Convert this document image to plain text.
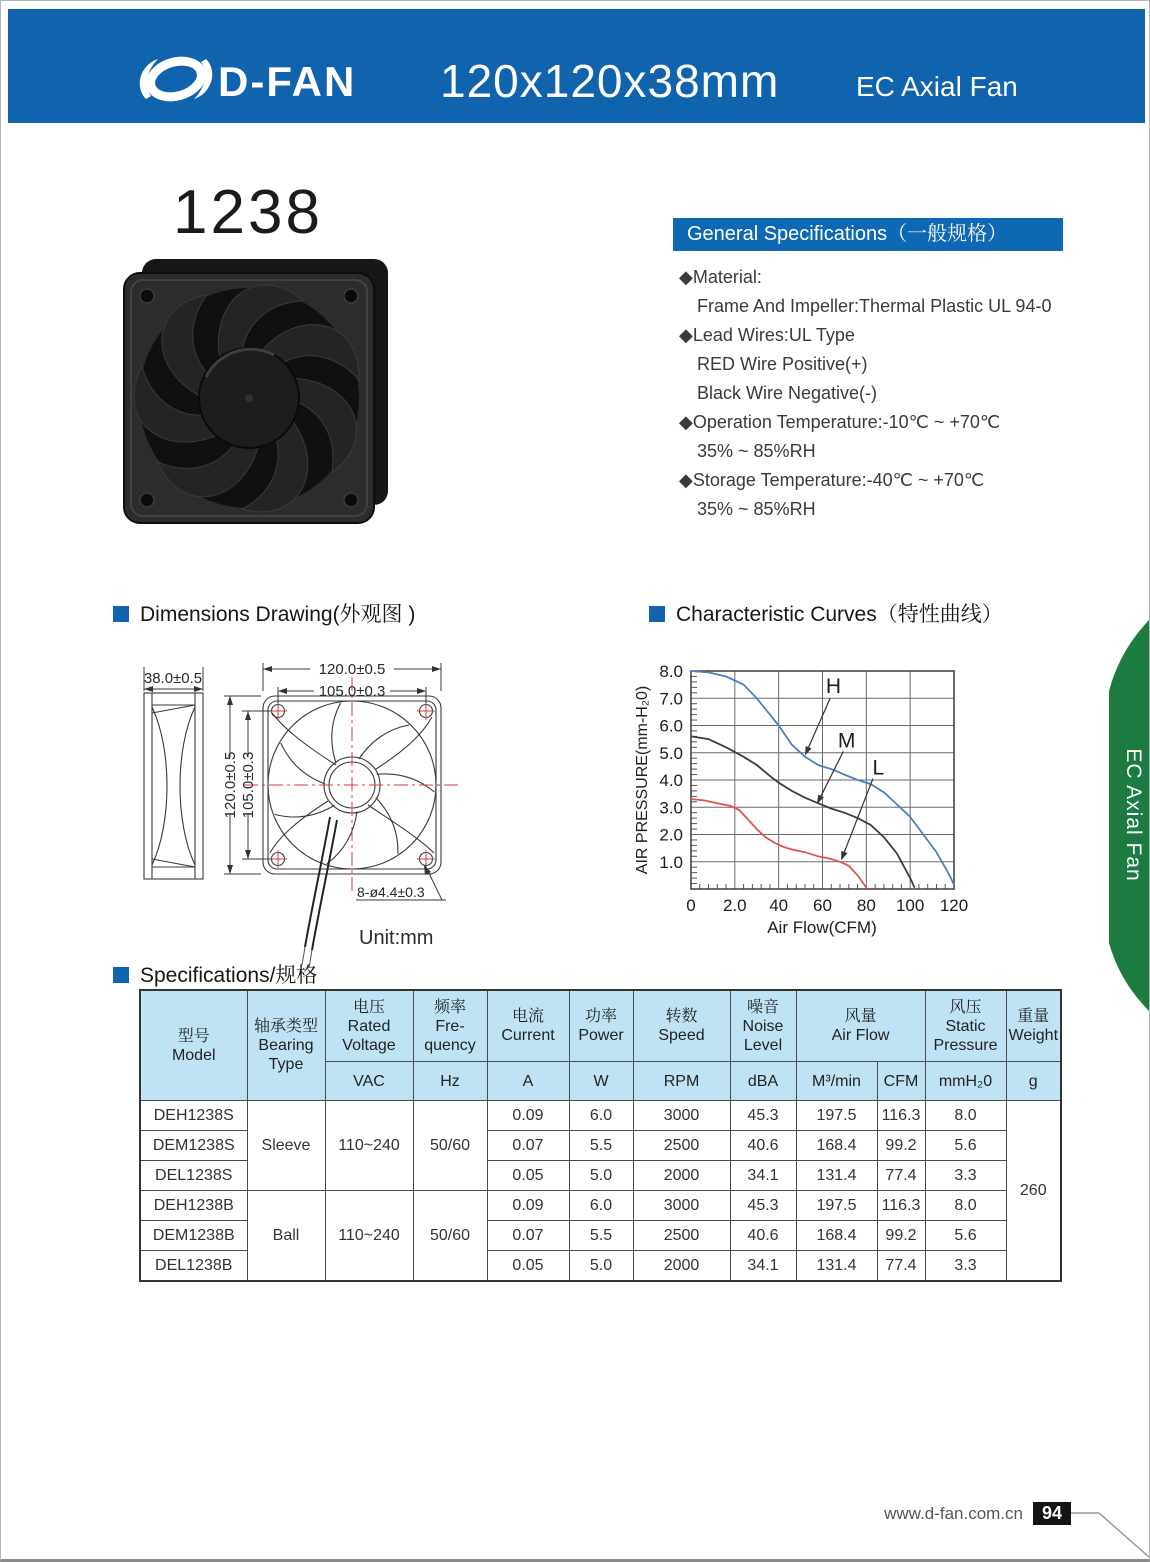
D-FAN 120x120x38mm	EC Axial Fan
1238	General Specifications（一般规格）
◆Material:
Frame And Impeller:Thermal Plastic UL 94-0
◆Lead Wires:UL Type
RED Wire Positive(+)
Black Wire Negative(-)
◆Operation Temperature:-10℃ ~ +70℃
35% ~ 85%RH
◆Storage Temperature:-40℃ ~ +70℃
35% ~ 85%RH
Dimensions Drawing(外观图 )	Characteristic Curves（特性曲线）
Specifications/规格
38.0±0.5
120.0±0.5
105.0±0.3
120.0±0.5 105.0±0.3
8-ø4.4±0.3
Unit:mm
0 2.0 40 60 80 100 120
1.0
2.0
3.0
4.0
5.0
6.0
7.0
8.0
H
M
L
AIR PRESSURE(mm-H₂0)
Air Flow(CFM)
型号
Model	轴承类型
Bearing
Type	电压
Rated
Voltage	频率
Fre-
quency	电流
Current	功率
Power	转数
Speed	噪音
Noise
Level	风量
Air Flow		风压
Static
Pressure	重量
Weight
		VAC	Hz	A	W	RPM	dBA	M³/min	CFM	mmH₂0	g
DEH1238S	Sleeve	110~240	50/60	0.09	6.0	3000	45.3	197.5	116.3	8.0	260
DEM1238S				0.07	5.5	2500	40.6	168.4	99.2	5.6	
DEL1238S				0.05	5.0	2000	34.1	131.4	77.4	3.3	
DEH1238B	Ball	110~240	50/60	0.09	6.0	3000	45.3	197.5	116.3	8.0	
DEM1238B				0.07	5.5	2500	40.6	168.4	99.2	5.6	
DEL1238B				0.05	5.0	2000	34.1	131.4	77.4	3.3	
EC Axial Fan
www.d-fan.com.cn	94
